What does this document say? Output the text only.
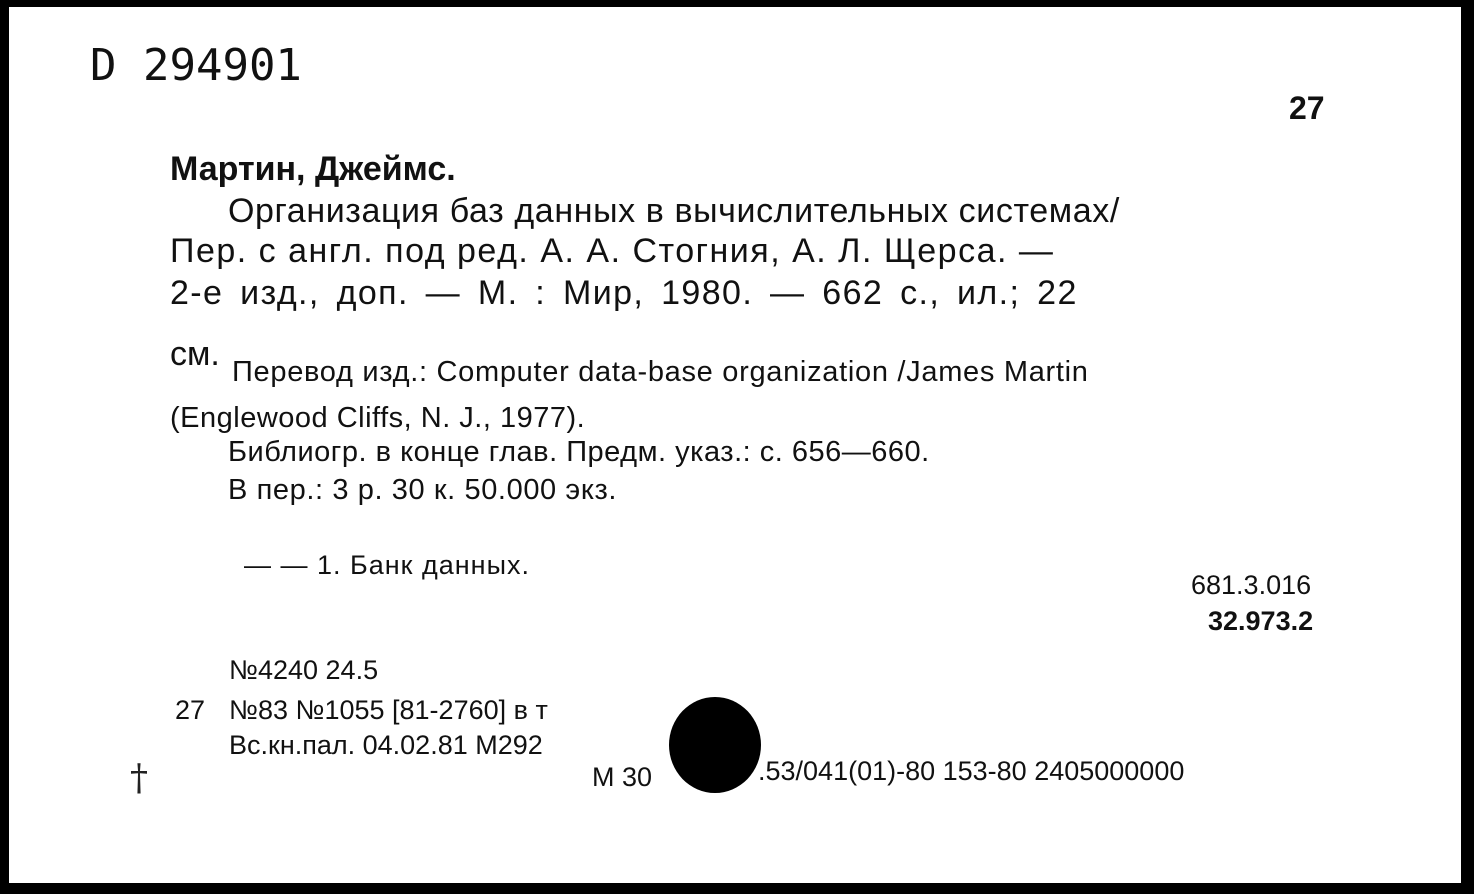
D 294901
27
Мартин, Джеймс.
Организация баз данных в вычислительных системах/
Пер. с англ. под ред. А. А. Стогния, А. Л. Щерса. —
2-е изд., доп. — М. : Мир, 1980. — 662 с., ил.; 22
см. Перевод изд.: Computer data-base organization /James Martin
(Englewood Cliffs, N. J., 1977).
Библиогр. в конце глав. Предм. указ.: с. 656—660.
В пер.: 3 р. 30 к. 50.000 экз.
— — 1. Банк данных.
681.3.016
32.973.2
№4240 24.5
27 №83 №1055 [81-2760] в т
Вс.кн.пал. 04.02.81 М292
М 30	.53/041(01)-80 153-80 2405000000
†
